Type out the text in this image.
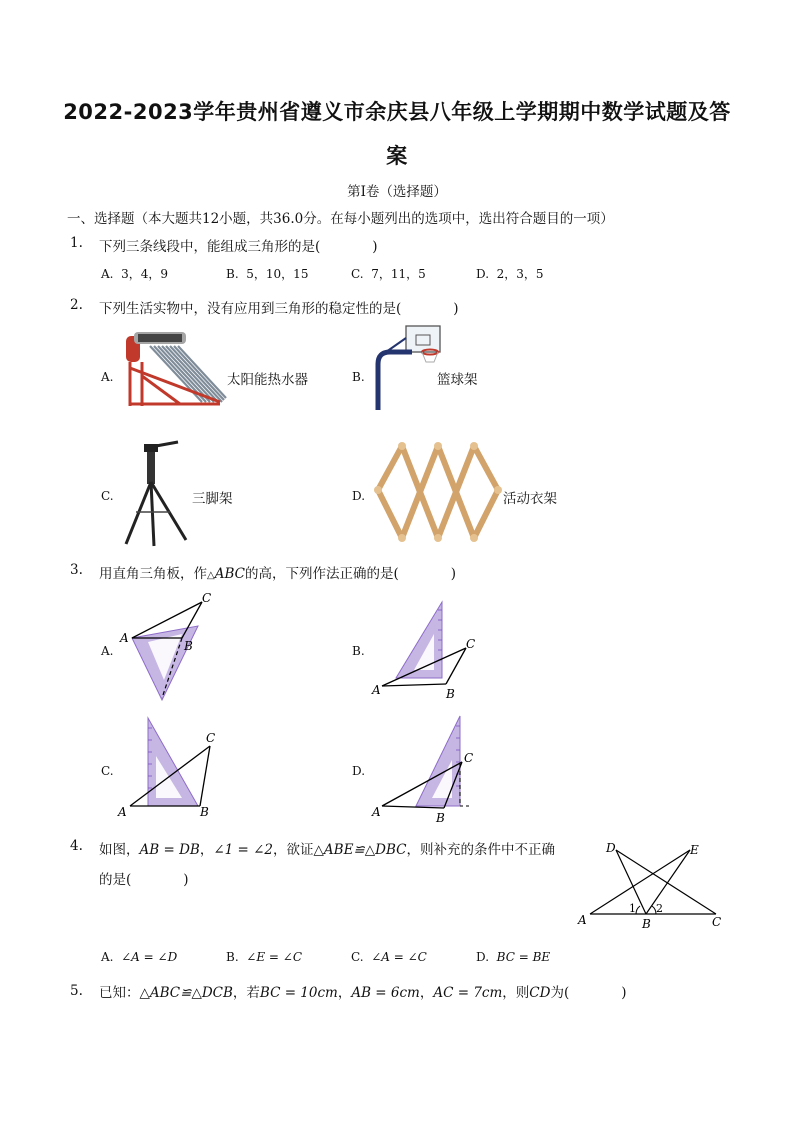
2022-2023学年贵州省遵义市余庆县八年级上学期期中数学试题及答
案
第I卷（选择题）
一、选择题（本大题共12小题，共36.0分。在每小题列出的选项中，选出符合题目的一项）
1. 下列三条线段中，能组成三角形的是(	)
A. 3，4，9	B. 5，10，15	C. 7，11，5	D. 2，3，5
2. 下列生活实物中，没有应用到三角形的稳定性的是(	)
A.	太阳能热水器	B.	篮球架
C.	三脚架	D.	活动衣架
3. 用直角三角板，作△ABC的高，下列作法正确的是(	)
A.
A
B
C
B.
A	B
C
C.
A	B
C
D.
A	B
C
4. 如图，AB = DB，∠1 = ∠2，欲证△ABE≌△DBC，则补充的条件中不正确
的是(	)
D	E
A	B	C
1 2
A. ∠A = ∠D	B. ∠E = ∠C	C. ∠A = ∠C	D. BC = BE
5. 已知：△ABC≌△DCB，若BC = 10cm，AB = 6cm，AC = 7cm，则CD为(	)
